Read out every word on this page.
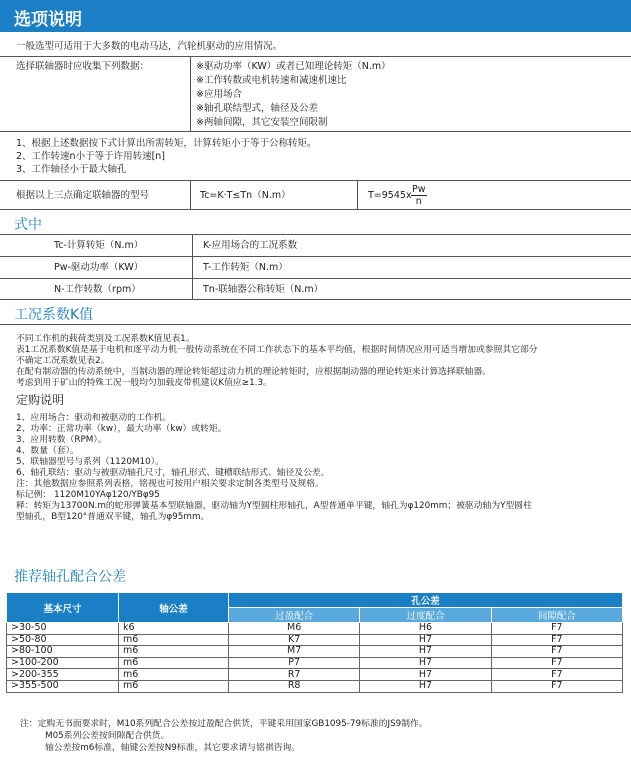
选项说明
一般选型可适用于大多数的电动马达，汽轮机驱动的应用情况。
选择联轴器时应收集下列数据：	※驱动功率（KW）或者已知理论转矩（N.m）
※工作转数或电机转速和减速机速比
※应用场合
※轴孔联结型式，轴径及公差
※两轴间隙，其它安装空间限制
1、根据上述数据按下式计算出所需转矩，计算转矩小于等于公称转矩。
2、工作转速n小于等于许用转速[n]
3、工作轴径小于最大轴孔
根据以上三点确定联轴器的型号	Tc=K·T≤Tn（N.m）	$T=9545x \frac{Pw}{n}$
式中
Tc-计算转矩（N.m）	K-应用场合的工况系数
Pw-驱动功率（KW）	T-工作转矩（N.m）
N-工作转数（rpm）	Tn-联轴器公称转矩（N.m）
工况系数K值
不同工作机的载荷类别及工况系数K值见表1。
表1工况系数K值是基于电机和逐平动力机一般传动系统在不同工作状态下的基本平均值，根据时间情况应用可适当增加或参照其它部分
不确定工况系数见表2。
在配有制动器的传动系统中，当制动器的理论转矩超过动力机的理论转矩时，应根据制动器的理论转矩来计算选择联轴器。
考虑到用于矿山的特殊工况一般均匀加载皮带机建议K值应≥1.3。
定购说明
1、应用场合：驱动和被驱动的工作机。
2、功率：正常功率（kw），最大功率（kw）或转矩。
3、应用转数（RPM）。
4、数量（套）。
5、联轴器型号与系列（1120M10）。
6、轴孔联结：驱动与被驱动轴孔尺寸，轴孔形式、键槽联结形式、轴径及公差。
注：其他数据应参照系列表格，铭视也可按用户相关要求定制各类型号及规格。
标记例： 1120M10YAφ120/YBφ95
释：转矩为13700N.m的蛇形弹簧基本型联轴器，驱动轴为Y型圆柱形轴孔，A型普通单平键，轴孔为φ120mm；被驱动轴为Y型圆柱
型轴孔，B型120°普通双平键，轴孔为φ95mm。
推荐轴孔配合公差
基本尺寸	轴公差	孔公差		
		过盈配合	过度配合	间隙配合
>30-50	k6	M6	H6	F7
>50-80	m6	K7	H7	F7
>80-100	m6	M7	H7	F7
>100-200	m6	P7	H7	F7
>200-355	m6	R7	H7	F7
>355-500	m6	R8	H7	F7
注：定购无书面要求时，M10系列配合公差按过盈配合供货，平键采用国家GB1095-79标准的JS9制作。
M05系列公差按间隙配合供货。
轴公差按m6标准，轴键公差按N9标准，其它要求请与铭祺咨询。
